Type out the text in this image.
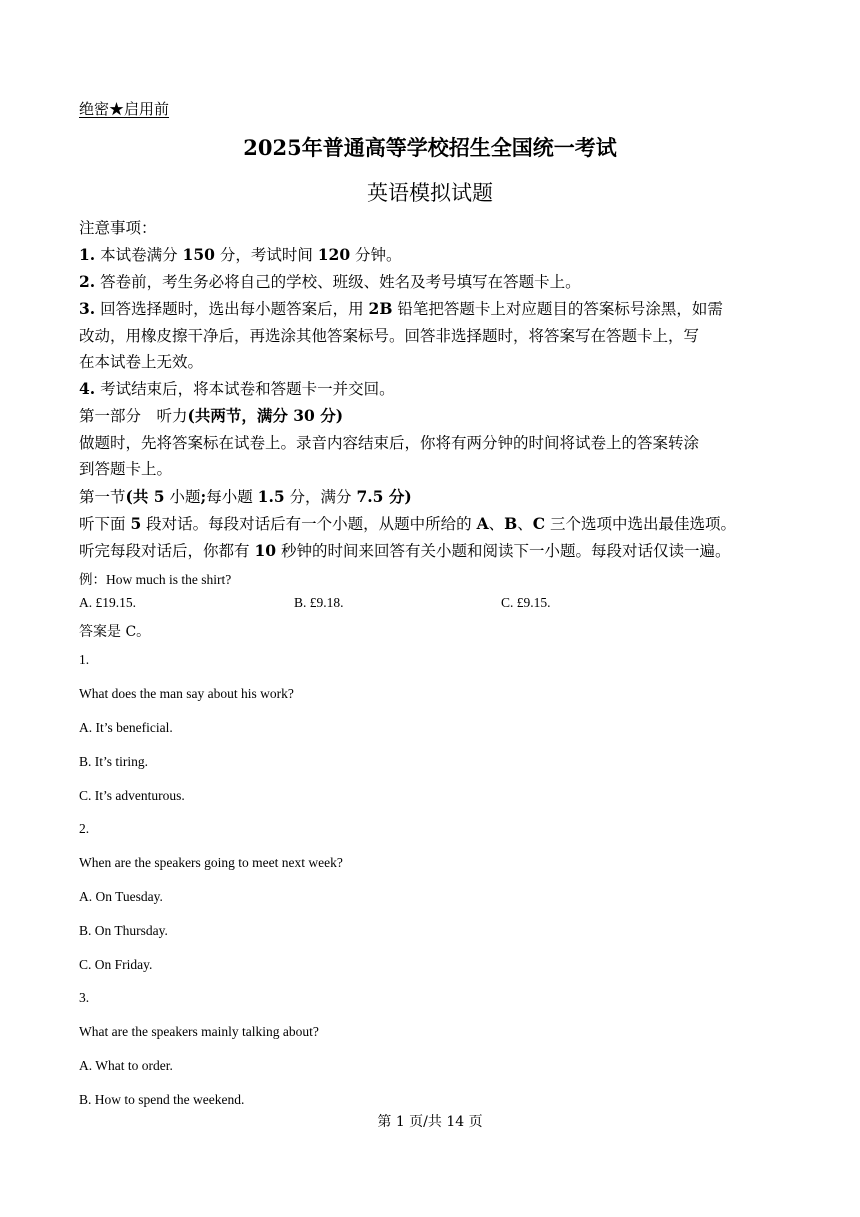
绝密★启用前
2025年普通高等学校招生全国统一考试
英语模拟试题
注意事项：
1. 本试卷满分 150 分，考试时间 120 分钟。
2. 答卷前，考生务必将自己的学校、班级、姓名及考号填写在答题卡上。
3. 回答选择题时，选出每小题答案后，用 2B 铅笔把答题卡上对应题目的答案标号涂黑，如需
改动，用橡皮擦干净后，再选涂其他答案标号。回答非选择题时，将答案写在答题卡上，写
在本试卷上无效。
4. 考试结束后，将本试卷和答题卡一并交回。
第一部分　听力(共两节，满分 30 分)
做题时，先将答案标在试卷上。录音内容结束后，你将有两分钟的时间将试卷上的答案转涂
到答题卡上。
第一节(共 5 小题;每小题 1.5 分，满分 7.5 分)
听下面 5 段对话。每段对话后有一个小题，从题中所给的 A、B、C 三个选项中选出最佳选项。
听完每段对话后，你都有 10 秒钟的时间来回答有关小题和阅读下一小题。每段对话仅读一遍。
例：How much is the shirt?
A. £19.15.	B. £9.18.	C. £9.15.
答案是 C。
1.
What does the man say about his work?
A. It’s beneficial.
B. It’s tiring.
C. It’s adventurous.
2.
When are the speakers going to meet next week?
A. On Tuesday.
B. On Thursday.
C. On Friday.
3.
What are the speakers mainly talking about?
A. What to order.
B. How to spend the weekend.
第 1 页/共 14 页
